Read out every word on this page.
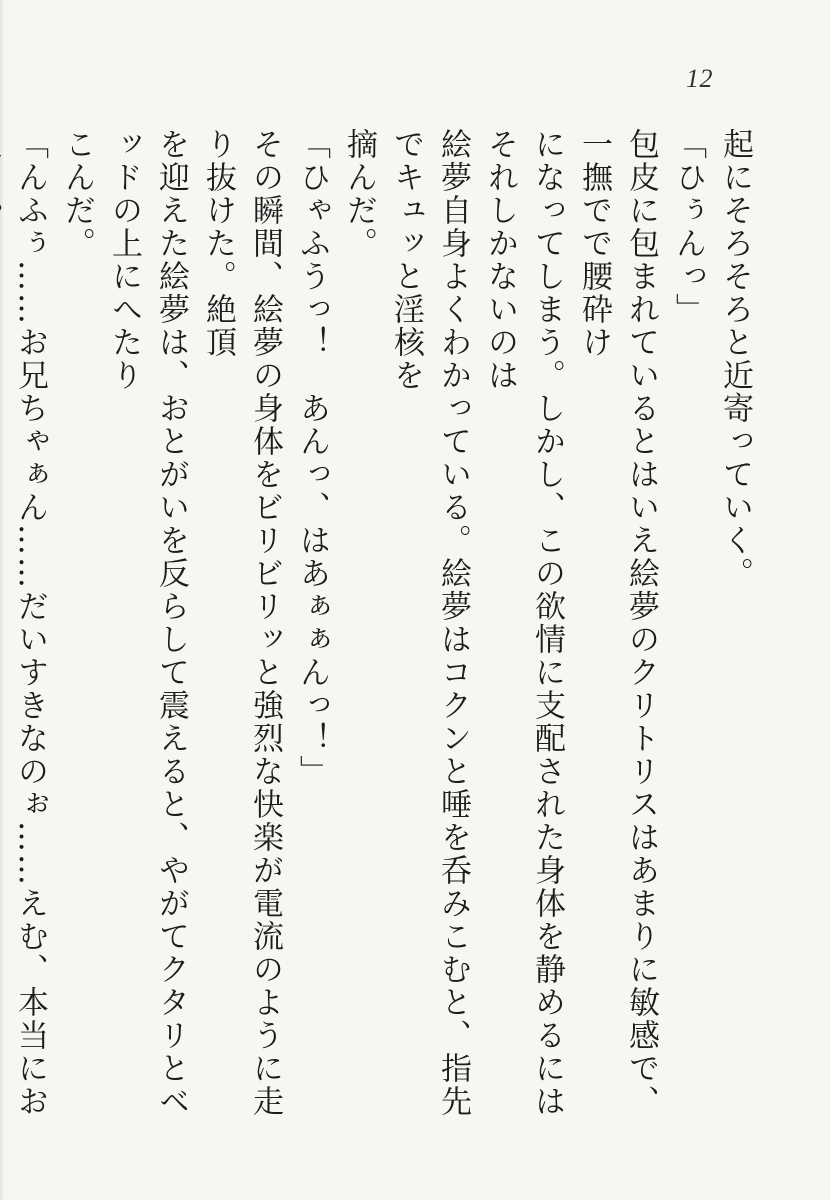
12

起にそろそろと近寄っていく。

「ひぅんっ」

包皮に包まれているとはいえ絵夢のクリトリスはあまりに敏感で、一撫でで腰砕け

になってしまう。しかし、この欲情に支配された身体を静めるにはそれしかないのは

絵夢自身よくわかっている。絵夢はコクンと唾を呑みこむと、指先でキュッと淫核を

摘んだ。

「ひゃふうっ！　あんっ、はあぁぁんっ！」

その瞬間、絵夢の身体をビリビリッと強烈な快楽が電流のように走り抜けた。絶頂

を迎えた絵夢は、おとがいを反らして震えると、やがてクタリとベッドの上にへたり

こんだ。

「んふぅ……お兄ちゃぁん……だいすきなのぉ……えむ、本当にお
